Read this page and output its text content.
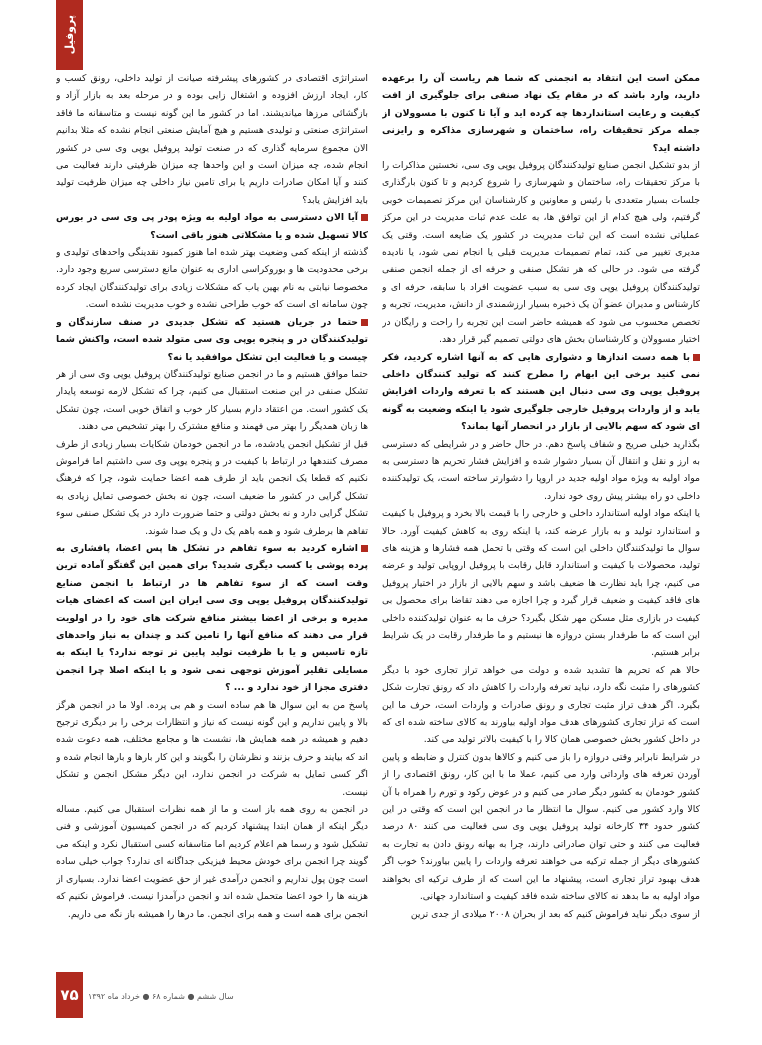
پروفیل

ممکن است این انتقاد به انجمنی که شما هم ریاست آن را برعهده دارید، وارد باشد که در مقام یک نهاد صنفی برای جلوگیری از افت کیفیت و رعایت استانداردها چه کرده اید و آیا تا کنون با مسوولان از جمله مرکز تحقیقات راه، ساختمان و شهرسازی مذاکره و رایزنی داشته اید؟

از بدو تشکیل انجمن صنایع تولیدکنندگان پروفیل یوپی وی سی، نخستین مذاکرات را با مرکز تحقیقات راه، ساختمان و شهرسازی را شروع کردیم و تا کنون بارگذاری جلسات بسیار متعددی با رئیس و معاونین و کارشناسان این مرکز تصمیمات خوبی گرفتیم، ولی هیچ کدام از این توافق ها، به علت عدم ثبات مدیریت در این مرکز عملیاتی نشده است که این ثبات مدیریت در کشور یک ضایعه است. وقتی یک مدیری تغییر می کند، تمام تصمیمات مدیریت قبلی یا انجام نمی شود، یا نادیده گرفته می شود. در حالی که هر تشکل صنفی و حرفه ای از جمله انجمن صنفی تولیدکنندگان پروفیل یوپی وی سی به سبب عضویت افراد با سابقه، حرفه ای و کارشناس و مدیران عضو آن یک ذخیره بسیار ارزشمندی از دانش، مدیریت، تجربه و تخصص محسوب می شود که همیشه حاضر است این تجربه را راحت و رایگان در اختیار مسوولان و کارشناسان بخش های دولتی تصمیم گیر قرار دهد.

با همه دست اندازها و دشواری هایی که به آنها اشاره کردید، فکر نمی کنید برخی این ابهام را مطرح کنند که تولید کنندگان داخلی پروفیل یوپی وی سی دنبال این هستند که با تعرفه واردات افزایش یابد و از واردات پروفیل خارجی جلوگیری شود یا اینکه وضعیت به گونه ای شود که سهم بالایی از بازار در انحصار آنها بماند؟

بگذارید خیلی صریح و شفاف پاسخ دهم. در حال حاضر و در شرایطی که دسترسی به ارز و نقل و انتقال آن بسیار دشوار شده و افزایش فشار تحریم ها دسترسی به مواد اولیه به ویژه مواد اولیه جدید در اروپا را دشوارتر ساخته است، یک تولیدکننده داخلی دو راه بیشتر پیش روی خود ندارد.

یا اینکه مواد اولیه استاندارد داخلی و خارجی را با قیمت بالا بخرد و پروفیل با کیفیت و استاندارد تولید و به بازار عرضه کند، یا اینکه روی به کاهش کیفیت آورد. حالا سوال ما تولیدکنندگان داخلی این است که وقتی با تحمل همه فشارها و هزینه های تولید، محصولات با کیفیت و استاندارد قابل رقابت با پروفیل اروپایی تولید و عرضه می کنیم، چرا باید نظارت ها ضعیف باشد و سهم بالایی از بازار در اختیار پروفیل های فاقد کیفیت و ضعیف قرار گیرد و چرا اجازه می دهند تقاضا برای محصول بی کیفیت در بازاری مثل مسکن مهر شکل بگیرد؟ حرف ما به عنوان تولیدکننده داخلی این است که ما طرفدار بستن دروازه ها نیستیم و ما طرفدار رقابت در یک شرایط برابر هستیم.

حالا هم که تحریم ها تشدید شده و دولت می خواهد تراز تجاری خود با دیگر کشورهای را مثبت نگه دارد، نباید تعرفه واردات را کاهش داد که رونق تجارت شکل بگیرد. اگر هدف تراز مثبت تجاری و رونق صادرات و واردات است، حرف ما این است که تراز تجاری کشورهای هدف مواد اولیه بیاورند به کالای ساخته شده ای که در داخل کشور بخش خصوصی همان کالا را با کیفیت بالاتر تولید می کند.

در شرایط نابرابر وقتی دروازه را باز می کنیم و کالاها بدون کنترل و ضابطه و پایین آوردن تعرفه های وارداتی وارد می کنیم، عملا ما با این کار، رونق اقتصادی را از کشور خودمان به کشور دیگر صادر می کنیم و در عوض رکود و تورم را همراه با آن کالا وارد کشور می کنیم. سوال ما انتظار ما در انجمن این است که وقتی در این کشور حدود ۳۴ کارخانه تولید پروفیل یوپی وی سی فعالیت می کنند ۸۰ درصد فعالیت می کنند و حتی توان صادراتی دارند، چرا به بهانه رونق دادن به تجارت به کشورهای دیگر از جمله ترکیه می خواهند تعرفه واردات را پایین بیاورند؟ خوب اگر هدف بهبود تراز تجاری است، پیشنهاد ما این است که از طرف ترکیه ای بخواهند مواد اولیه به ما بدهد نه کالای ساخته شده فاقد کیفیت و استاندارد جهانی.

از سوی دیگر نباید فراموش کنیم که بعد از بحران ۲۰۰۸ میلادی از جدی ترین

استراتژی اقتصادی در کشورهای پیشرفته صیانت از تولید داخلی، رونق کسب و کار، ایجاد ارزش افزوده و اشتغال زایی بوده و در مرحله بعد به بازار آزاد و بازگشائی مرزها میاندیشند. اما در کشور ما این گونه نیست و متاسفانه ما فاقد استراتژی صنعتی و تولیدی هستیم و هیچ آمایش صنعتی انجام نشده که مثلا بدانیم الان مجموع سرمایه گذاری که در صنعت تولید پروفیل یوپی وی سی در کشور انجام شده، چه میزان است و این واحدها چه میزان ظرفیتی دارند فعالیت می کنند و آیا امکان صادرات داریم یا برای تامین نیاز داخلی چه میزان ظرفیت تولید باید افزایش یابد؟

آیا الان دسترسی به مواد اولیه به ویژه پودر پی وی سی در بورس کالا تسهیل شده و یا مشکلاتی هنوز باقی است؟

گذشته از اینکه کمی وضعیت بهتر شده اما هنوز کمبود نقدینگی واحدهای تولیدی و برخی محدودیت ها و بوروکراسی اداری به عنوان مانع دسترسی سریع وجود دارد. مخصوصا نیابتی به نام بهین یاب که مشکلات زیادی برای تولیدکنندگان ایجاد کرده چون سامانه ای است که خوب طراحی نشده و خوب مدیریت نشده است.

حتما در جریان هستید که تشکل جدیدی در صنف سازندگان و تولیدکنندگان در و پنجره یوپی وی سی متولد شده است، واکنش شما چیست و یا فعالیت این تشکل موافقید یا نه؟

حتما موافق هستیم و ما در انجمن صنایع تولیدکنندگان پروفیل یوپی وی سی از هر تشکل صنفی در این صنعت استقبال می کنیم، چرا که تشکل لازمه توسعه پایدار یک کشور است. من اعتقاد دارم بسیار کار خوب و اتفاق خوبی است، چون تشکل ها زبان همدیگر را بهتر می فهمند و منافع مشترک را بهتر تشخیص می دهند.

قبل از تشکیل انجمن یادشده، ما در انجمن خودمان شکایات بسیار زیادی از طرف مصرف کنندهها در ارتباط با کیفیت در و پنجره یوپی وی سی داشتیم اما فراموش نکنیم که قطعا یک انجمن باید از طرف همه اعضا حمایت شود، چرا که فرهنگ تشکل گرایی در کشور ما ضعیف است، چون نه بخش خصوصی تمایل زیادی به تشکل گرایی دارد و نه بخش دولتی و حتما ضرورت دارد در یک تشکل صنفی سوء تفاهم ها برطرف شود و همه باهم یک دل و یک صدا شوند.

اشاره کردید به سوء تفاهم در تشکل ها پس اعضا، پافشاری به پرده پوشی یا کسب دیگری شدید؟ برای همین این گفتگو آماده ترین وقت است که از سوء تفاهم ها در ارتباط با انجمن صنایع تولیدکنندگان پروفیل یوپی وی سی ایران این است که اعضای هیات مدیره و برخی از اعضا بیشتر منافع شرکت های خود را در اولویت قرار می دهند که منافع آنها را تامین کند و چندان به نیاز واحدهای تازه تاسیس و یا با ظرفیت تولید پایین تر توجه ندارد؟ یا اینکه به مسایلی تقلیر آموزش توجهی نمی شود و یا اینکه اصلا چرا انجمن دفتری مجزا از خود ندارد و ... ؟

پاسخ من به این سوال ها هم ساده است و هم بی پرده. اولا ما در انجمن هرگز بالا و پایین نداریم و این گونه نیست که نیاز و انتظارات برخی را بر دیگری ترجیح دهیم و همیشه در همه همایش ها، نشست ها و مجامع مختلف، همه دعوت شده اند که بیایند و حرف بزنند و نظرشان را بگویند و این کار بارها و بارها انجام شده و اگر کسی تمایل به شرکت در انجمن ندارد، این دیگر مشکل انجمن و تشکل نیست.

در انجمن به روی همه باز است و ما از همه نظرات استقبال می کنیم. مساله دیگر اینکه از همان ابتدا پیشنهاد کردیم که در انجمن کمیسیون آموزشی و فنی تشکیل شود و رسما هم اعلام کردیم اما متاسفانه کسی استقبال نکرد و اینکه می گویند چرا انجمن برای خودش محیط فیزیکی جداگانه ای ندارد؟ جواب خیلی ساده است چون پول نداریم و انجمن درآمدی غیر از حق عضویت اعضا ندارد. بسیاری از هزینه ها را خود اعضا متحمل شده اند و انجمن درآمدزا نیست. فراموش نکنیم که انجمن برای همه است و همه برای انجمن. ما درها را همیشه باز نگه می داریم.

۷۵	سال ششم ● شماره ۶۸ ● خرداد ماه ۱۳۹۲
